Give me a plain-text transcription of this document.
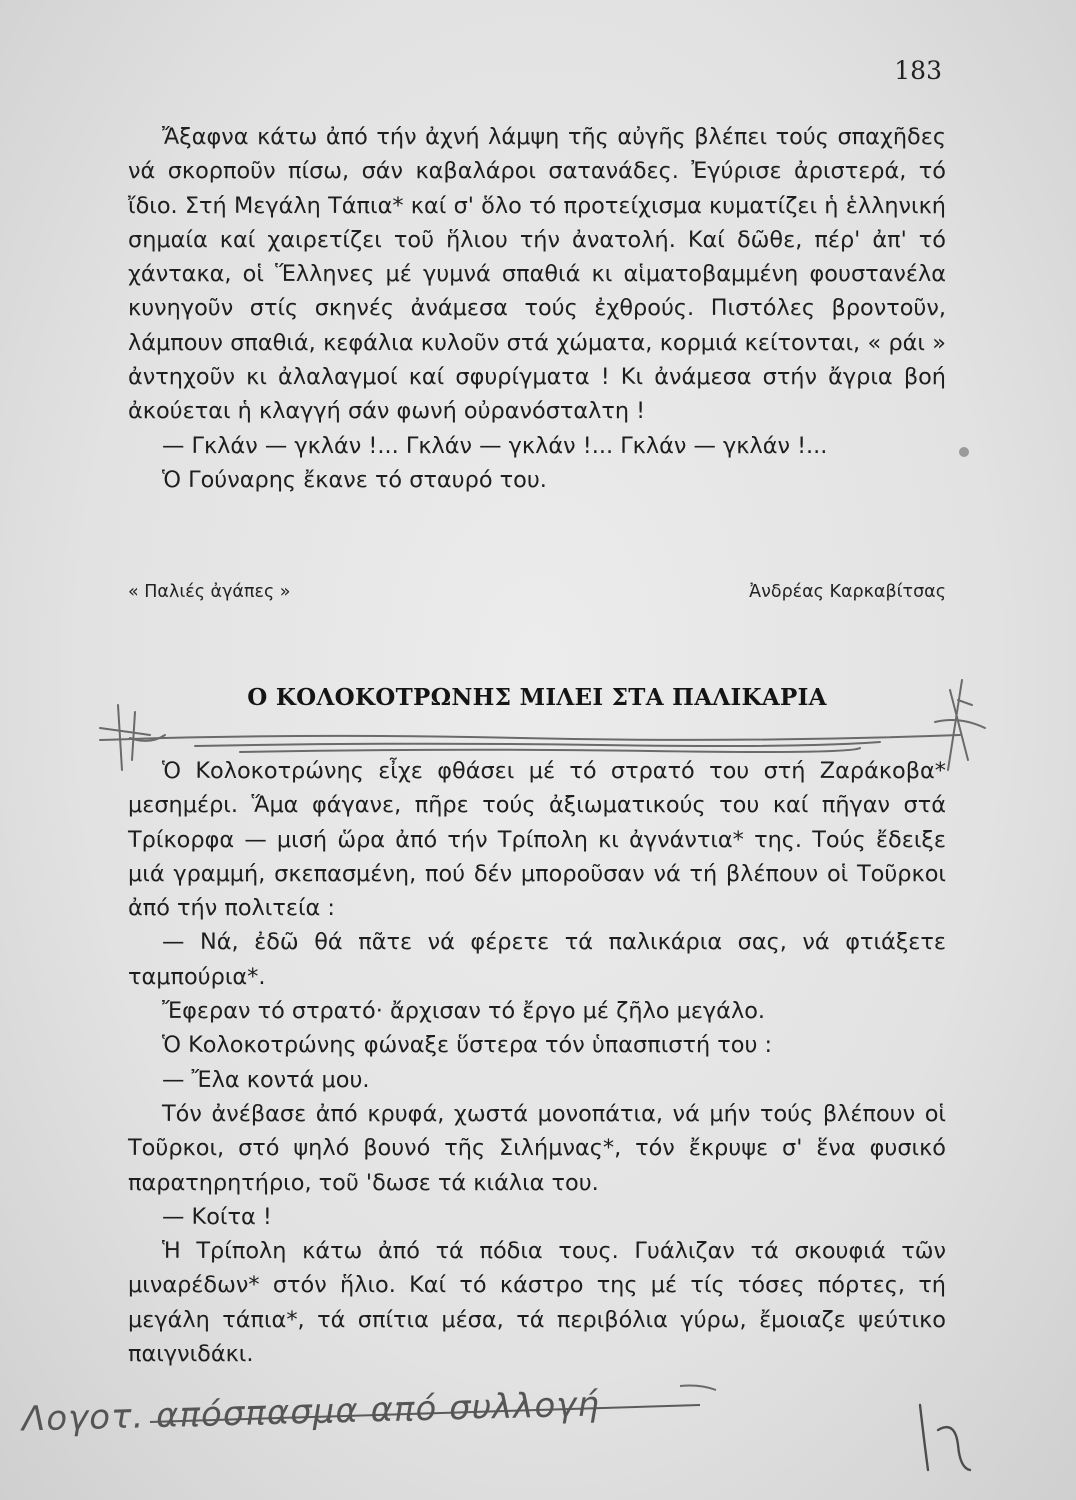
183

Ἄξαφνα κάτω ἀπό τήν ἀχνή λάμψη τῆς αὐγῆς βλέπει τούς σπαχῆδες νά σκορποῦν πίσω, σάν καβαλάροι σατανάδες. Ἐγύρισε ἀριστερά, τό ἴδιο. Στή Μεγάλη Τάπια* καί σ' ὅλο τό προτείχισμα κυματίζει ἡ ἑλληνική σημαία καί χαιρετίζει τοῦ ἥλιου τήν ἀνατολή. Καί δῶθε, πέρ' ἀπ' τό χάντακα, οἱ Ἕλληνες μέ γυμνά σπαθιά κι αἱματοβαμμένη φουστανέλα κυνηγοῦν στίς σκηνές ἀνάμεσα τούς ἐχθρούς. Πιστόλες βροντοῦν, λάμπουν σπαθιά, κεφάλια κυλοῦν στά χώματα, κορμιά κείτονται, « ράι » ἀντηχοῦν κι ἀλαλαγμοί καί σφυρίγματα ! Κι ἀνάμεσα στήν ἄγρια βοή ἀκούεται ἡ κλαγγή σάν φωνή οὐρανόσταλτη !

— Γκλάν — γκλάν !... Γκλάν — γκλάν !... Γκλάν — γκλάν !...

Ὁ Γούναρης ἔκανε τό σταυρό του.

« Παλιές ἀγάπες »	Ἀνδρέας Καρκαβίτσας
Ο ΚΟΛΟΚΟΤΡΩΝΗΣ ΜΙΛΕΙ ΣΤΑ ΠΑΛΙΚΑΡΙΑ

Ὁ Κολοκοτρώνης εἶχε φθάσει μέ τό στρατό του στή Ζαράκοβα* μεσημέρι. Ἅμα φάγανε, πῆρε τούς ἀξιωματικούς του καί πῆγαν στά Τρίκορφα — μισή ὥρα ἀπό τήν Τρίπολη κι ἀγνάντια* της. Τούς ἔδειξε μιά γραμμή, σκεπασμένη, πού δέν μποροῦσαν νά τή βλέπουν οἱ Τοῦρκοι ἀπό τήν πολιτεία :

— Νά, ἐδῶ θά πᾶτε νά φέρετε τά παλικάρια σας, νά φτιάξετε ταμπούρια*.

Ἔφεραν τό στρατό· ἄρχισαν τό ἔργο μέ ζῆλο μεγάλο.

Ὁ Κολοκοτρώνης φώναξε ὕστερα τόν ὑπασπιστή του :

— Ἔλα κοντά μου.

Τόν ἀνέβασε ἀπό κρυφά, χωστά μονοπάτια, νά μήν τούς βλέπουν οἱ Τοῦρκοι, στό ψηλό βουνό τῆς Σιλήμνας*, τόν ἔκρυψε σ' ἕνα φυσικό παρατηρητήριο, τοῦ 'δωσε τά κιάλια του.

— Κοίτα !

Ἡ Τρίπολη κάτω ἀπό τά πόδια τους. Γυάλιζαν τά σκουφιά τῶν μιναρέδων* στόν ἥλιο. Καί τό κάστρο της μέ τίς τόσες πόρτες, τή μεγάλη τάπια*, τά σπίτια μέσα, τά περιβόλια γύρω, ἔμοιαζε ψεύτικο παιγνιδάκι.

Λογοτ. απόσπασμα από συλλογή
